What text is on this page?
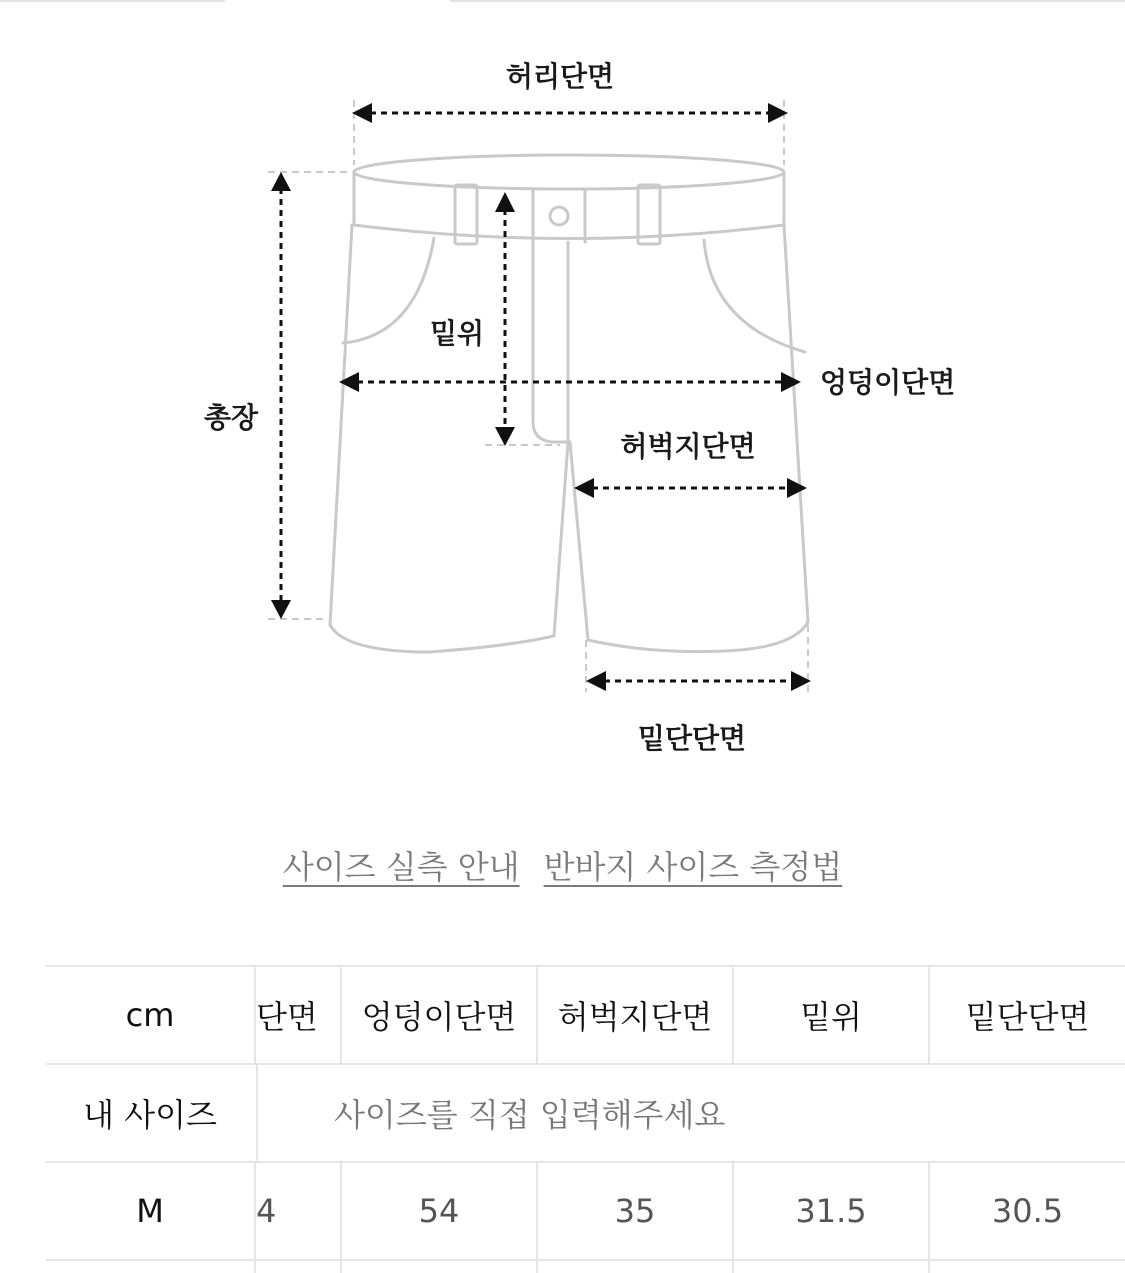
허리단면
밑위
엉덩이단면
총장
허벅지단면
밑단단면
사이즈 실측 안내 반바지 사이즈 측정법
cm	단면	엉덩이단면	허벅지단면	밑위	밑단단면
내 사이즈	사이즈를 직접 입력해주세요
M	4	54	35	31.5	30.5
